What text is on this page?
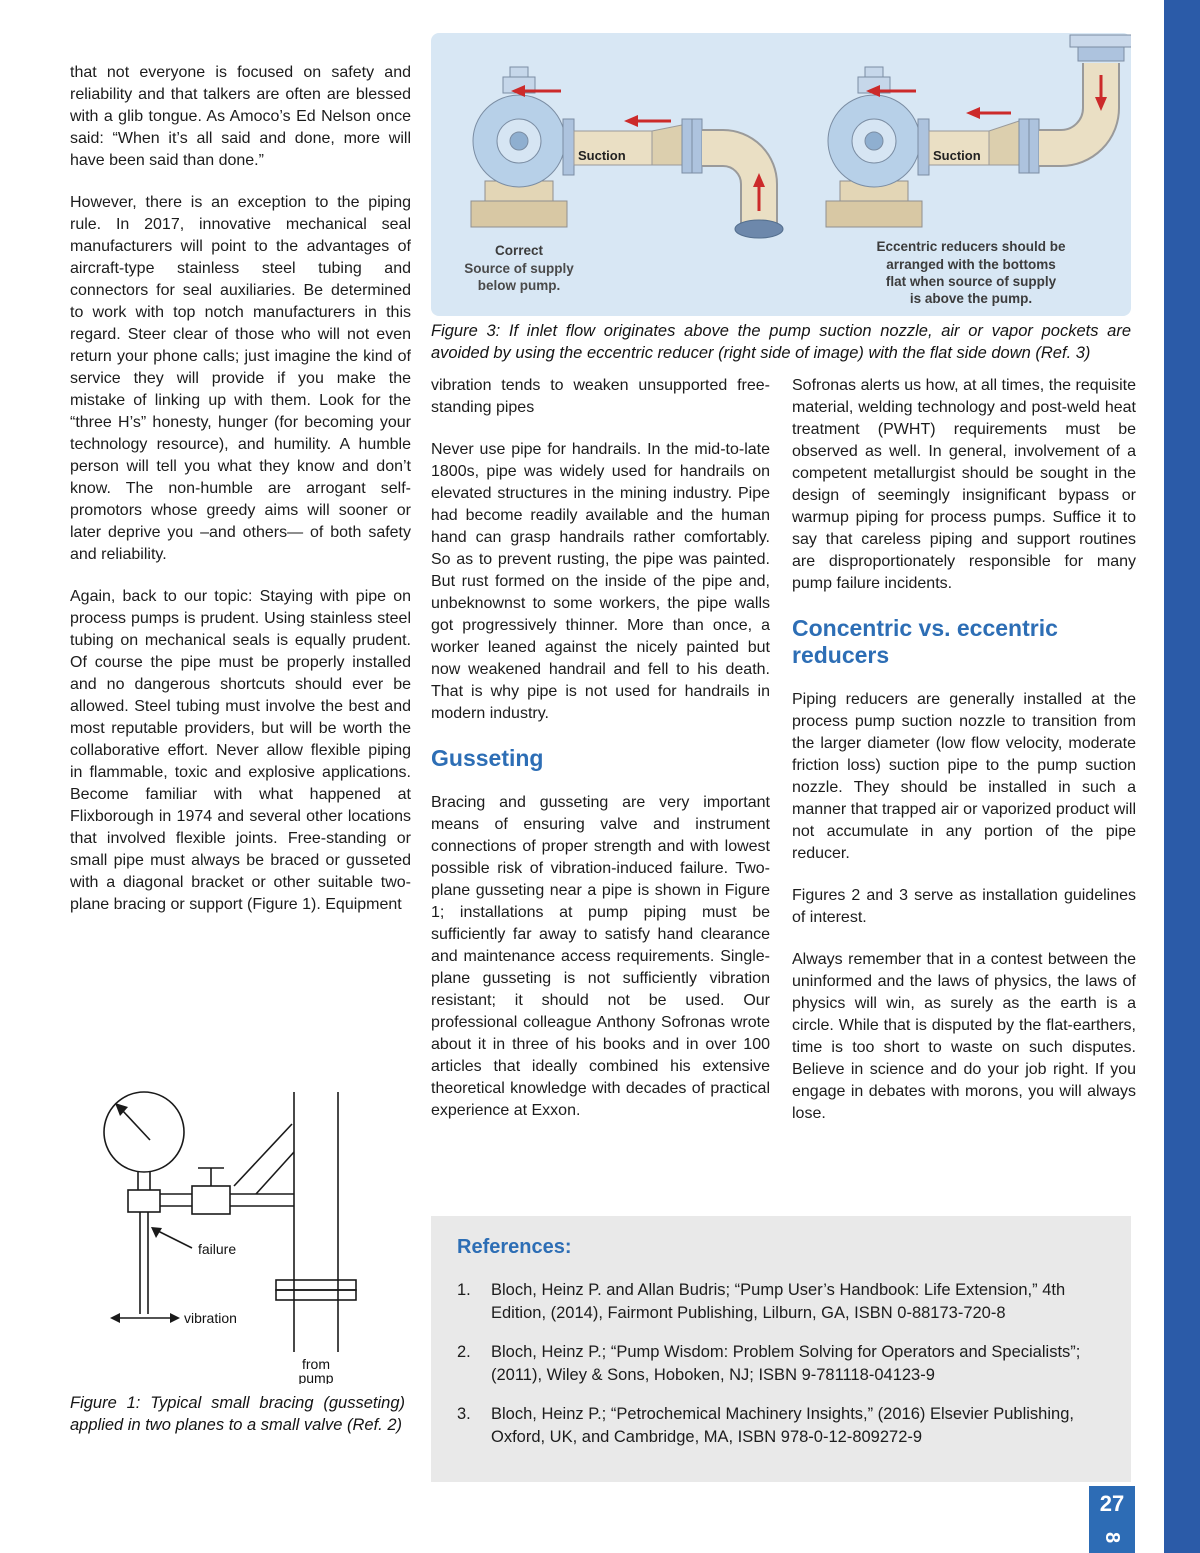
that not everyone is focused on safety and reliability and that talkers are often are blessed with a glib tongue. As Amoco’s Ed Nelson once said: “When it’s all said and done, more will have been said than done.”

However, there is an exception to the piping rule. In 2017, innovative mechanical seal manufacturers will point to the advantages of aircraft-type stainless steel tubing and connectors for seal auxiliaries. Be determined to work with top notch manufacturers in this regard. Steer clear of those who will not even return your phone calls; just imagine the kind of service they will provide if you make the mistake of linking up with them. Look for the “three H’s” honesty, hunger (for becoming your technology resource), and humility. A humble person will tell you what they know and don’t know. The non-humble are arrogant self-promotors whose greedy aims will sooner or later deprive you –and others— of both safety and reliability.

Again, back to our topic: Staying with pipe on process pumps is prudent. Using stainless steel tubing on mechanical seals is equally prudent. Of course the pipe must be properly installed and no dangerous shortcuts should ever be allowed. Steel tubing must involve the best and most reputable providers, but will be worth the collaborative effort. Never allow flexible piping in flammable, toxic and explosive applications. Become familiar with what happened at Flixborough in 1974 and several other locations that involved flexible joints. Free-standing or small pipe must always be braced or gusseted with a diagonal bracket or other suitable two-plane bracing or support (Figure 1). Equipment

Suction
Correct
Source of supply
below pump.
Suction
Eccentric reducers should be
arranged with the bottoms
flat when source of supply
is above the pump.
Figure 3: If inlet flow originates above the pump suction nozzle, air or vapor pockets are avoided by using the eccentric reducer (right side of image) with the flat side down (Ref. 3)

vibration tends to weaken unsupported free-standing pipes

Never use pipe for handrails. In the mid-to-late 1800s, pipe was widely used for handrails on elevated structures in the mining industry. Pipe had become readily available and the human hand can grasp handrails rather comfortably. So as to prevent rusting, the pipe was painted. But rust formed on the inside of the pipe and, unbeknownst to some workers, the pipe walls got progressively thinner. More than once, a worker leaned against the nicely painted but now weakened handrail and fell to his death. That is why pipe is not used for handrails in modern industry.

Gusseting

Bracing and gusseting are very important means of ensuring valve and instrument connections of proper strength and with lowest possible risk of vibration-induced failure. Two-plane gusseting near a pipe is shown in Figure 1; installations at pump piping must be sufficiently far away to satisfy hand clearance and maintenance access requirements. Single-plane gusseting is not sufficiently vibration resistant; it should not be used. Our professional colleague Anthony Sofronas wrote about it in three of his books and in over 100 articles that ideally combined his extensive theoretical knowledge with decades of practical experience at Exxon.

Sofronas alerts us how, at all times, the requisite material, welding technology and post-weld heat treatment (PWHT) requirements must be observed as well. In general, involvement of a competent metallurgist should be sought in the design of seemingly insignificant bypass or warmup piping for process pumps. Suffice it to say that careless piping and support routines are disproportionately responsible for many pump failure incidents.

Concentric vs. eccentric reducers

Piping reducers are generally installed at the process pump suction nozzle to transition from the larger diameter (low flow velocity, moderate friction loss) suction pipe to the pump suction nozzle. They should be installed in such a manner that trapped air or vaporized product will not accumulate in any portion of the pipe reducer.

Figures 2 and 3 serve as installation guidelines of interest.

Always remember that in a contest between the uninformed and the laws of physics, the laws of physics will win, as surely as the earth is a circle. While that is disputed by the flat-earthers, time is too short to waste on such disputes. Believe in science and do your job right. If you engage in debates with morons, you will always lose.

failure
vibration
from
pump
Figure 1: Typical small bracing (gusseting) applied in two planes to a small valve (Ref. 2)
References:
1.	Bloch, Heinz P. and Allan Budris; “Pump User’s Handbook: Life Extension,” 4th Edition, (2014), Fairmont Publishing, Lilburn, GA, ISBN 0-88173-720-8
2.	Bloch, Heinz P.; “Pump Wisdom: Problem Solving for Operators and Specialists”; (2011), Wiley & Sons, Hoboken, NJ; ISBN 9-781118-04123-9
3.	Bloch, Heinz P.; “Petrochemical Machinery Insights,” (2016) Elsevier Publishing, Oxford, UK, and Cambridge, MA, ISBN 978-0-12-809272-9
27
8
